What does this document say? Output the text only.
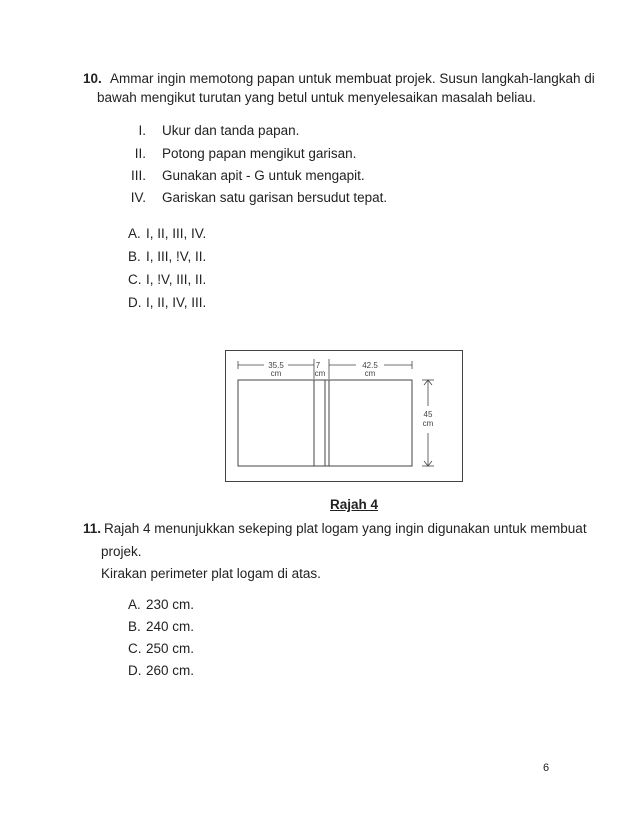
10. Ammar ingin memotong papan untuk membuat projek. Susun langkah-langkah di
bawah mengikut turutan yang betul untuk menyelesaikan masalah beliau.
I. Ukur dan tanda papan.
II. Potong papan mengikut garisan.
III. Gunakan apit - G untuk mengapit.
IV. Gariskan satu garisan bersudut tepat.
A. I, II, III, IV.
B. I, III, !V, II.
C. I, !V, III, II.
D. I, II, IV, III.
35.5
cm
7
cm
42.5
cm
45
cm
Rajah 4
11. Rajah 4 menunjukkan sekeping plat logam yang ingin digunakan untuk membuat
projek.
Kirakan perimeter plat logam di atas.
A. 230 cm.
B. 240 cm.
C. 250 cm.
D. 260 cm.
6
